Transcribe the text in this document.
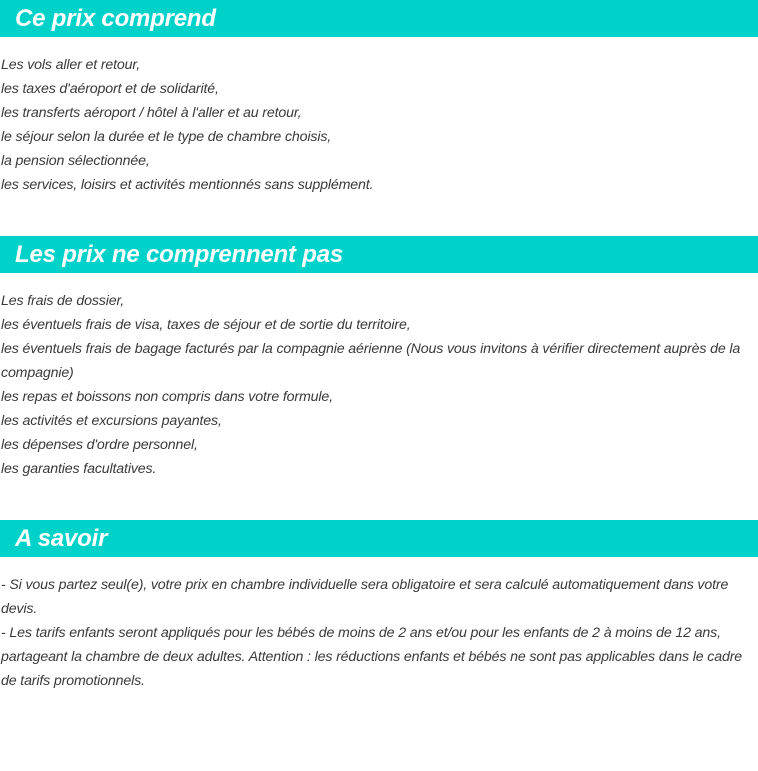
Ce prix comprend
Les vols aller et retour,
les taxes d'aéroport et de solidarité,
les transferts aéroport / hôtel à l'aller et au retour,
le séjour selon la durée et le type de chambre choisis,
la pension sélectionnée,
les services, loisirs et activités mentionnés sans supplément.
Les prix ne comprennent pas
Les frais de dossier,
les éventuels frais de visa, taxes de séjour et de sortie du territoire,
les éventuels frais de bagage facturés par la compagnie aérienne (Nous vous invitons à vérifier directement auprès de la compagnie)
les repas et boissons non compris dans votre formule,
les activités et excursions payantes,
les dépenses d'ordre personnel,
les garanties facultatives.
A savoir
- Si vous partez seul(e), votre prix en chambre individuelle sera obligatoire et sera calculé automatiquement dans votre devis.
- Les tarifs enfants seront appliqués pour les bébés de moins de 2 ans et/ou pour les enfants de 2 à moins de 12 ans, partageant la chambre de deux adultes. Attention : les réductions enfants et bébés ne sont pas applicables dans le cadre de tarifs promotionnels.
